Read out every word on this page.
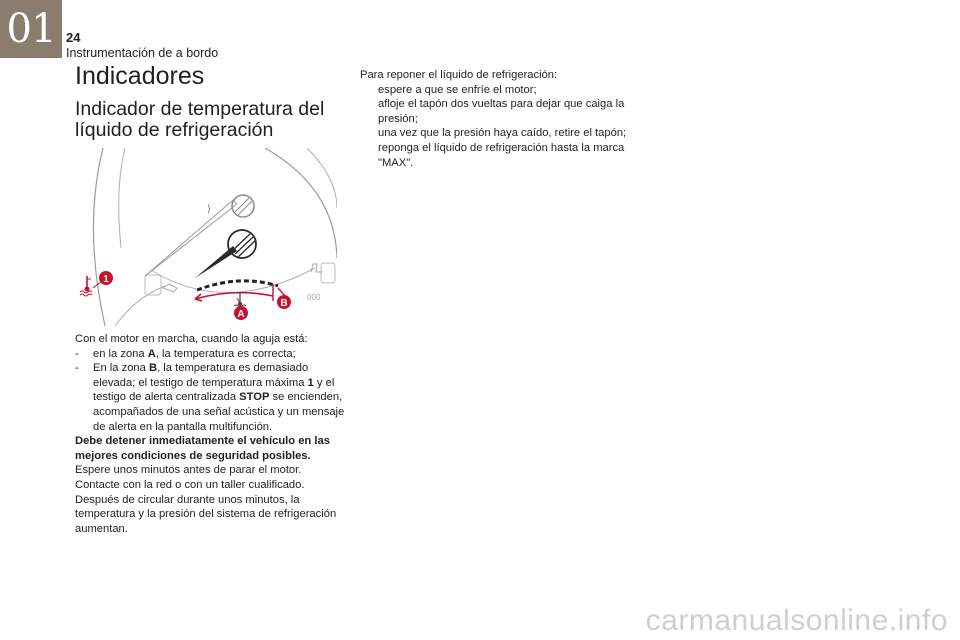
01 24
Instrumentación de a bordo
Indicadores
Indicador de temperatura del líquido de refrigeración
⟩
000
1
A
B

Con el motor en marcha, cuando la aguja está:

- en la zona A, la temperatura es correcta;

- En la zona B, la temperatura es demasiado elevada; el testigo de temperatura máxima 1 y el testigo de alerta centralizada STOP se encienden, acompañados de una señal acústica y un mensaje de alerta en la pantalla multifunción.

Debe detener inmediatamente el vehículo en las mejores condiciones de seguridad posibles.

Espere unos minutos antes de parar el motor.

Contacte con la red o con un taller cualificado.

Después de circular durante unos minutos, la temperatura y la presión del sistema de refrigeración aumentan.

Para reponer el líquido de refrigeración:

espere a que se enfríe el motor;

afloje el tapón dos vueltas para dejar que caiga la presión;

una vez que la presión haya caído, retire el tapón;

reponga el líquido de refrigeración hasta la marca "MAX".

carmanualsonline.info
